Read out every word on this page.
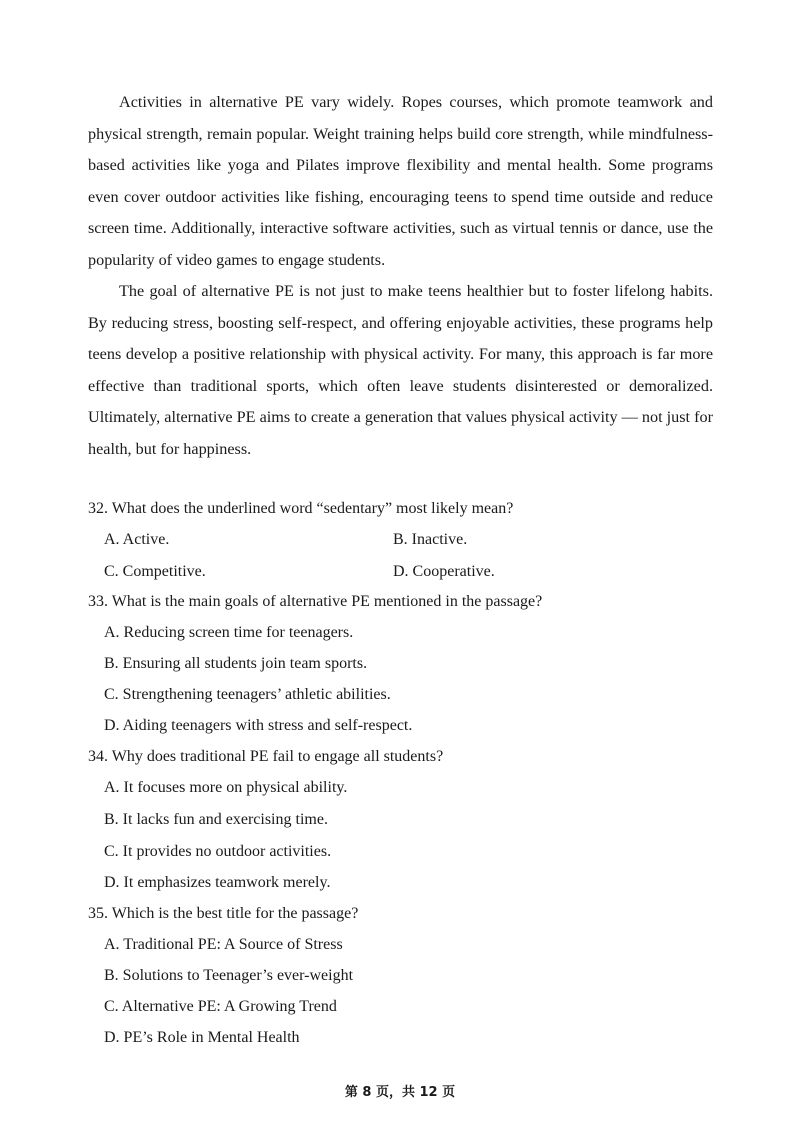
Activities in alternative PE vary widely. Ropes courses, which promote teamwork and physical strength, remain popular. Weight training helps build core strength, while mindfulness-based activities like yoga and Pilates improve flexibility and mental health. Some programs even cover outdoor activities like fishing, encouraging teens to spend time outside and reduce screen time. Additionally, interactive software activities, such as virtual tennis or dance, use the popularity of video games to engage students.

The goal of alternative PE is not just to make teens healthier but to foster lifelong habits. By reducing stress, boosting self-respect, and offering enjoyable activities, these programs help teens develop a positive relationship with physical activity. For many, this approach is far more effective than traditional sports, which often leave students disinterested or demoralized. Ultimately, alternative PE aims to create a generation that values physical activity — not just for health, but for happiness.

32. What does the underlined word “sedentary” most likely mean?
A. Active.	B. Inactive.
C. Competitive.	D. Cooperative.
33. What is the main goals of alternative PE mentioned in the passage?
A. Reducing screen time for teenagers.
B. Ensuring all students join team sports.
C. Strengthening teenagers’ athletic abilities.
D. Aiding teenagers with stress and self-respect.
34. Why does traditional PE fail to engage all students?
A. It focuses more on physical ability.
B. It lacks fun and exercising time.
C. It provides no outdoor activities.
D. It emphasizes teamwork merely.
35. Which is the best title for the passage?
A. Traditional PE: A Source of Stress
B. Solutions to Teenager’s ever-weight
C. Alternative PE: A Growing Trend
D. PE’s Role in Mental Health
第 8 页，共 12 页
